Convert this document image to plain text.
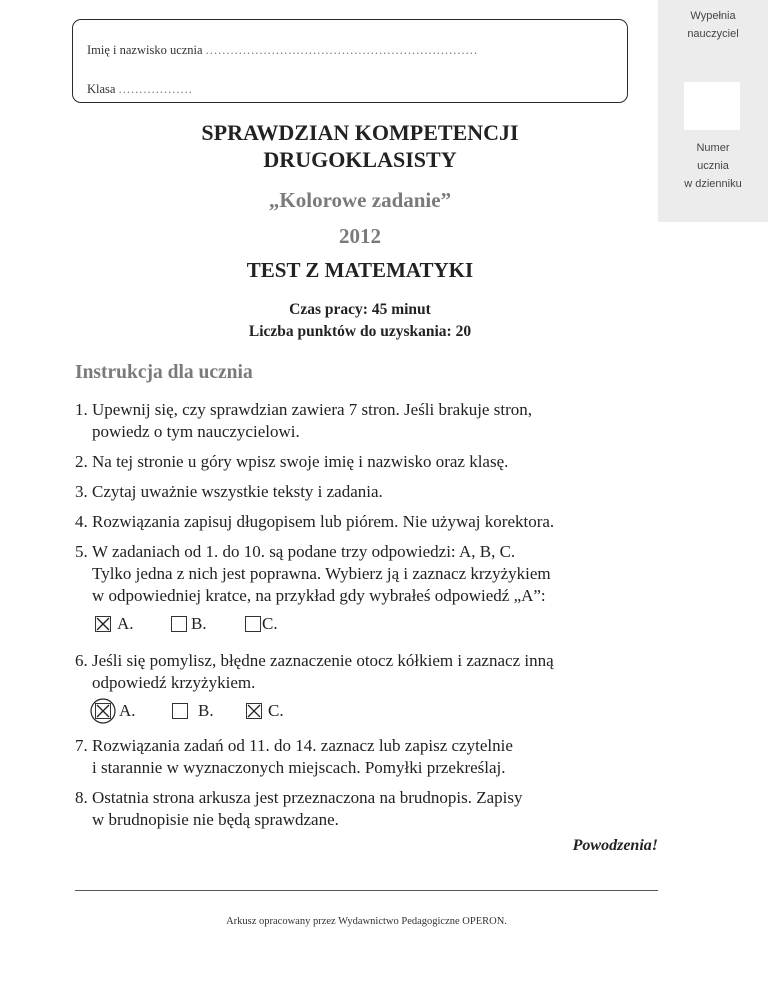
Imię i nazwisko ucznia ..................................................................
Klasa ..................
Wypełnia
nauczyciel
Numer
ucznia
w dzienniku
SPRAWDZIAN KOMPETENCJI
DRUGOKLASISTY
„Kolorowe zadanie”
2012
TEST Z MATEMATYKI
Czas pracy: 45 minut
Liczba punktów do uzyskania: 20
Instrukcja dla ucznia
1. Upewnij się, czy sprawdzian zawiera 7 stron. Jeśli brakuje stron,
powiedz o tym nauczycielowi.
2. Na tej stronie u góry wpisz swoje imię i nazwisko oraz klasę.
3. Czytaj uważnie wszystkie teksty i zadania.
4. Rozwiązania zapisuj długopisem lub piórem. Nie używaj korektora.
5. W zadaniach od 1. do 10. są podane trzy odpowiedzi: A, B, C.
Tylko jedna z nich jest poprawna. Wybierz ją i zaznacz krzyżykiem
w odpowiedniej kratce, na przykład gdy wybrałeś odpowiedź „A”:
A.	B.	C.
6. Jeśli się pomylisz, błędne zaznaczenie otocz kółkiem i zaznacz inną
odpowiedź krzyżykiem.
A.	B.	C.
7. Rozwiązania zadań od 11. do 14. zaznacz lub zapisz czytelnie
i starannie w wyznaczonych miejscach. Pomyłki przekreślaj.
8. Ostatnia strona arkusza jest przeznaczona na brudnopis. Zapisy
w brudnopisie nie będą sprawdzane.
Powodzenia!
Arkusz opracowany przez Wydawnictwo Pedagogiczne OPERON.
